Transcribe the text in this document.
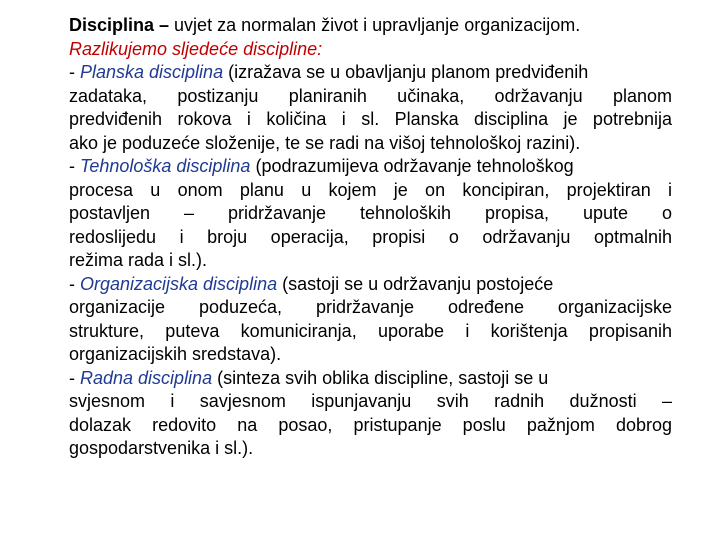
Disciplina – uvjet za normalan život i upravljanje organizacijom.
Razlikujemo sljedeće discipline:
- Planska disciplina (izražava se u obavljanju planom predviđenih
zadataka, postizanju planiranih učinaka, održavanju planom
predviđenih rokova i količina i sl. Planska disciplina je potrebnija
ako je poduzeće složenije, te se radi na višoj tehnološkoj razini).
- Tehnološka disciplina (podrazumijeva održavanje tehnološkog
procesa u onom planu u kojem je on koncipiran, projektiran i
postavljen – pridržavanje tehnoloških propisa, upute o
redoslijedu i broju operacija, propisi o održavanju optmalnih
režima rada i sl.).
- Organizacijska disciplina (sastoji se u održavanju postojeće
organizacije poduzeća, pridržavanje određene organizacijske
strukture, puteva komuniciranja, uporabe i korištenja propisanih
organizacijskih sredstava).
- Radna disciplina (sinteza svih oblika discipline, sastoji se u
svjesnom i savjesnom ispunjavanju svih radnih dužnosti –
dolazak redovito na posao, pristupanje poslu pažnjom dobrog
gospodarstvenika i sl.).
